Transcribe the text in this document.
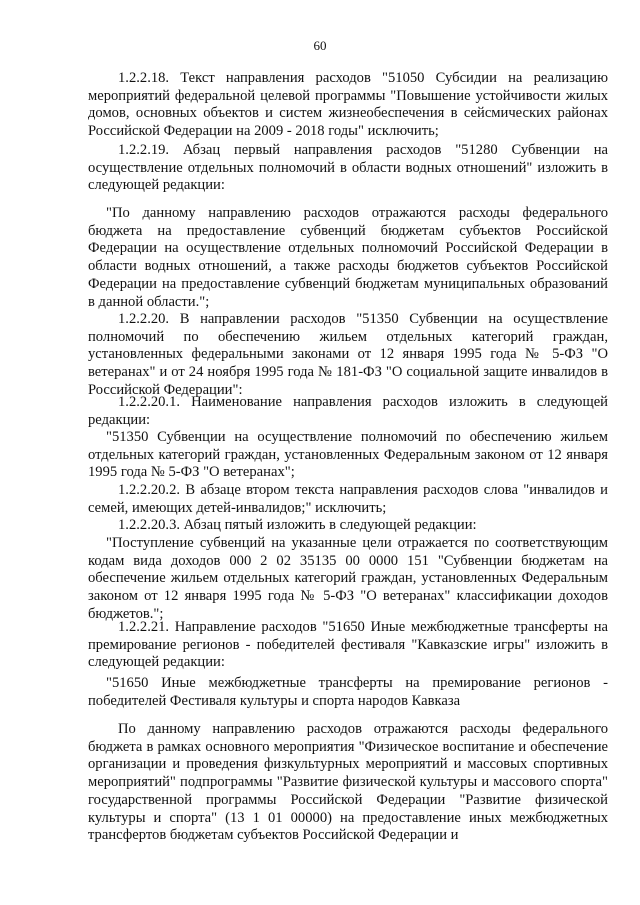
60

1.2.2.18. Текст направления расходов "51050 Субсидии на реализацию мероприятий федеральной целевой программы "Повышение устойчивости жилых домов, основных объектов и систем жизнеобеспечения в сейсмических районах Российской Федерации на 2009 - 2018 годы" исключить;

1.2.2.19. Абзац первый направления расходов "51280 Субвенции на осуществление отдельных полномочий в области водных отношений" изложить в следующей редакции:

"По данному направлению расходов отражаются расходы федерального бюджета на предоставление субвенций бюджетам субъектов Российской Федерации на осуществление отдельных полномочий Российской Федерации в области водных отношений, а также расходы бюджетов субъектов Российской Федерации на предоставление субвенций бюджетам муниципальных образований в данной области.";

1.2.2.20. В направлении расходов "51350 Субвенции на осуществление полномочий по обеспечению жильем отдельных категорий граждан, установленных федеральными законами от 12 января 1995 года № 5-ФЗ "О ветеранах" и от 24 ноября 1995 года № 181-ФЗ "О социальной защите инвалидов в Российской Федерации":

1.2.2.20.1. Наименование направления расходов изложить в следующей редакции:

"51350 Субвенции на осуществление полномочий по обеспечению жильем отдельных категорий граждан, установленных Федеральным законом от 12 января 1995 года № 5-ФЗ "О ветеранах";

1.2.2.20.2. В абзаце втором текста направления расходов слова "инвалидов и семей, имеющих детей-инвалидов;" исключить;

1.2.2.20.3. Абзац пятый изложить в следующей редакции:

"Поступление субвенций на указанные цели отражается по соответствующим кодам вида доходов 000 2 02 35135 00 0000 151 "Субвенции бюджетам на обеспечение жильем отдельных категорий граждан, установленных Федеральным законом от 12 января 1995 года № 5-ФЗ "О ветеранах" классификации доходов бюджетов.";

1.2.2.21. Направление расходов "51650 Иные межбюджетные трансферты на премирование регионов - победителей фестиваля "Кавказские игры" изложить в следующей редакции:

"51650 Иные межбюджетные трансферты на премирование регионов - победителей Фестиваля культуры и спорта народов Кавказа

По данному направлению расходов отражаются расходы федерального бюджета в рамках основного мероприятия "Физическое воспитание и обеспечение организации и проведения физкультурных мероприятий и массовых спортивных мероприятий" подпрограммы "Развитие физической культуры и массового спорта" государственной программы Российской Федерации "Развитие физической культуры и спорта" (13 1 01 00000) на предоставление иных межбюджетных трансфертов бюджетам субъектов Российской Федерации и
